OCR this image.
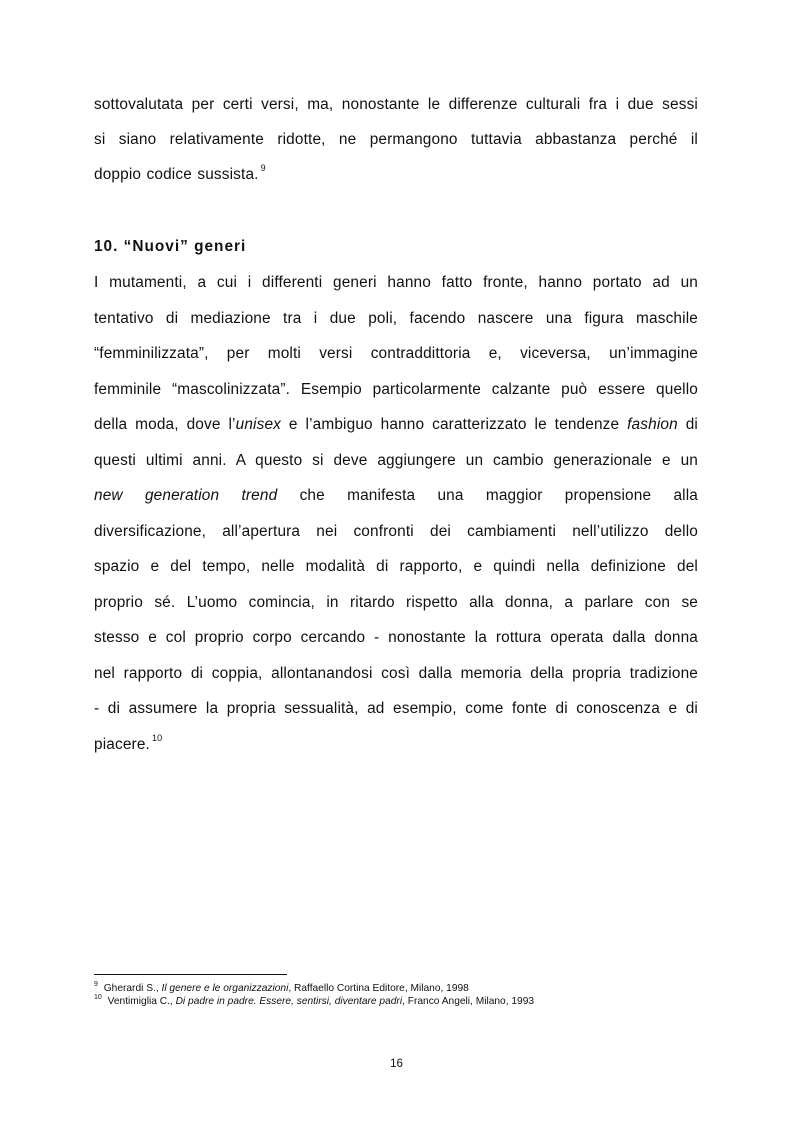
sottovalutata per certi versi, ma, nonostante le differenze culturali fra i due sessi
si siano relativamente ridotte, ne permangono tuttavia abbastanza perché il
doppio codice sussista. $^9$
10. “Nuovi” generi
I mutamenti, a cui i differenti generi hanno fatto fronte, hanno portato ad un
tentativo di mediazione tra i due poli, facendo nascere una figura maschile
“femminilizzata”, per molti versi contraddittoria e, viceversa, un’immagine
femminile “mascolinizzata”. Esempio particolarmente calzante può essere quello
della moda, dove l’unisex e l’ambiguo hanno caratterizzato le tendenze fashion di
questi ultimi anni. A questo si deve aggiungere un cambio generazionale e un
new generation trend che manifesta una maggior propensione alla
diversificazione, all’apertura nei confronti dei cambiamenti nell’utilizzo dello
spazio e del tempo, nelle modalità di rapporto, e quindi nella definizione del
proprio sé. L’uomo comincia, in ritardo rispetto alla donna, a parlare con se
stesso e col proprio corpo cercando - nonostante la rottura operata dalla donna
nel rapporto di coppia, allontanandosi così dalla memoria della propria tradizione
- di assumere la propria sessualità, ad esempio, come fonte di conoscenza e di
piacere. $^{10}$
$^9$ Gherardi S., Il genere e le organizzazioni, Raffaello Cortina Editore, Milano, 1998
$^{10}$ Ventimiglia C., Di padre in padre. Essere, sentirsi, diventare padri, Franco Angeli, Milano, 1993
16
